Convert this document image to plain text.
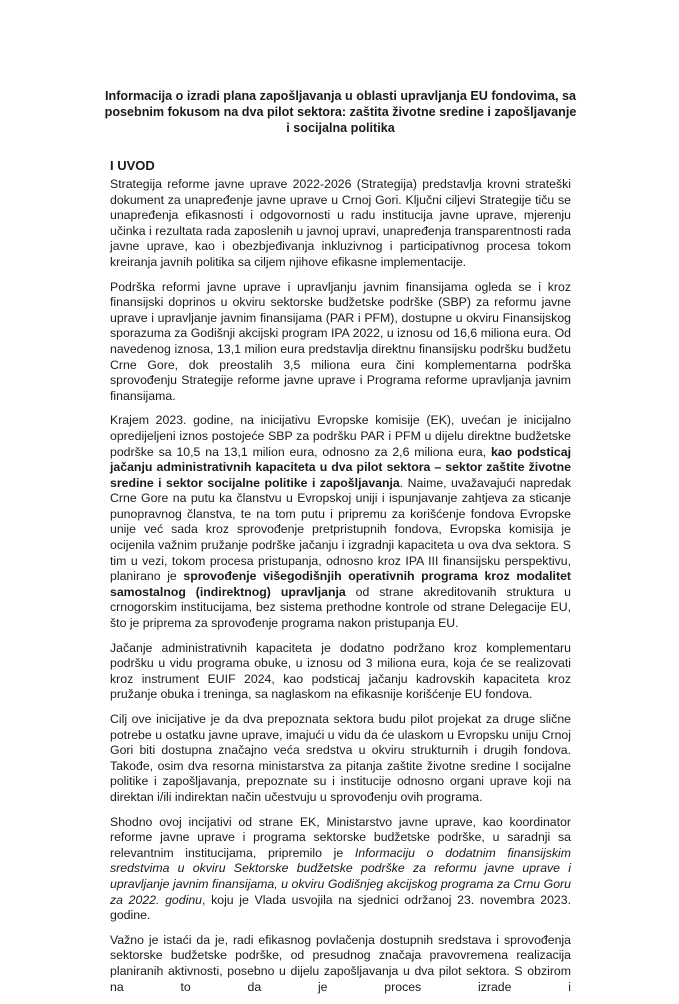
Informacija o izradi plana zapošljavanja u oblasti upravljanja EU fondovima, sa posebnim fokusom na dva pilot sektora: zaštita životne sredine i zapošljavanje i socijalna politika
I UVOD

Strategija reforme javne uprave 2022-2026 (Strategija) predstavlja krovni strateški dokument za unapređenje javne uprave u Crnoj Gori. Ključni ciljevi Strategije tiču se unapređenja efikasnosti i odgovornosti u radu institucija javne uprave, mjerenju učinka i rezultata rada zaposlenih u javnoj upravi, unapređenja transparentnosti rada javne uprave, kao i obezbjeđivanja inkluzivnog i participativnog procesa tokom kreiranja javnih politika sa ciljem njihove efikasne implementacije.

Podrška reformi javne uprave i upravljanju javnim finansijama ogleda se i kroz finansijski doprinos u okviru sektorske budžetske podrške (SBP) za reformu javne uprave i upravljanje javnim finansijama (PAR i PFM), dostupne u okviru Finansijskog sporazuma za Godišnji akcijski program IPA 2022, u iznosu od 16,6 miliona eura. Od navedenog iznosa, 13,1 milion eura predstavlja direktnu finansijsku podršku budžetu Crne Gore, dok preostalih 3,5 miliona eura čini komplementarna podrška sprovođenju Strategije reforme javne uprave i Programa reforme upravljanja javnim finansijama.

Krajem 2023. godine, na inicijativu Evropske komisije (EK), uvećan je inicijalno opredijeljeni iznos postojeće SBP za podršku PAR i PFM u dijelu direktne budžetske podrške sa 10,5 na 13,1 milion eura, odnosno za 2,6 miliona eura, kao podsticaj jačanju administrativnih kapaciteta u dva pilot sektora – sektor zaštite životne sredine i sektor socijalne politike i zapošljavanja. Naime, uvažavajući napredak Crne Gore na putu ka članstvu u Evropskoj uniji i ispunjavanje zahtjeva za sticanje punopravnog članstva, te na tom putu i pripremu za korišćenje fondova Evropske unije već sada kroz sprovođenje pretpristupnih fondova, Evropska komisija je ocijenila važnim pružanje podrške jačanju i izgradnji kapaciteta u ova dva sektora. S tim u vezi, tokom procesa pristupanja, odnosno kroz IPA III finansijsku perspektivu, planirano je sprovođenje višegodišnjih operativnih programa kroz modalitet samostalnog (indirektnog) upravljanja od strane akreditovanih struktura u crnogorskim institucijama, bez sistema prethodne kontrole od strane Delegacije EU, što je priprema za sprovođenje programa nakon pristupanja EU.

Jačanje administrativnih kapaciteta je dodatno podržano kroz komplementaru podršku u vidu programa obuke, u iznosu od 3 miliona eura, koja će se realizovati kroz instrument EUIF 2024, kao podsticaj jačanju kadrovskih kapaciteta kroz pružanje obuka i treninga, sa naglaskom na efikasnije korišćenje EU fondova.

Cilj ove inicijative je da dva prepoznata sektora budu pilot projekat za druge slične potrebe u ostatku javne uprave, imajući u vidu da će ulaskom u Evropsku uniju Crnoj Gori biti dostupna značajno veća sredstva u okviru strukturnih i drugih fondova. Takođe, osim dva resorna ministarstva za pitanja zaštite životne sredine I socijalne politike i zapošljavanja, prepoznate su i institucije odnosno organi uprave koji na direktan i/ili indirektan način učestvuju u sprovođenju ovih programa.

Shodno ovoj incijativi od strane EK, Ministarstvo javne uprave, kao koordinator reforme javne uprave i programa sektorske budžetske podrške, u saradnji sa relevantnim institucijama, pripremilo je Informaciju o dodatnim finansijskim sredstvima u okviru Sektorske budžetske podrške za reformu javne uprave i upravljanje javnim finansijama, u okviru Godišnjeg akcijskog programa za Crnu Goru za 2022. godinu, koju je Vlada usvojila na sjednici održanoj 23. novembra 2023. godine.

Važno je istaći da je, radi efikasnog povlačenja dostupnih sredstava i sprovođenja sektorske budžetske podrške, od presudnog značaja pravovremena realizacija planiranih aktivnosti, posebno u dijelu zapošljavanja u dva pilot sektora. S obzirom na to da je proces izrade i
